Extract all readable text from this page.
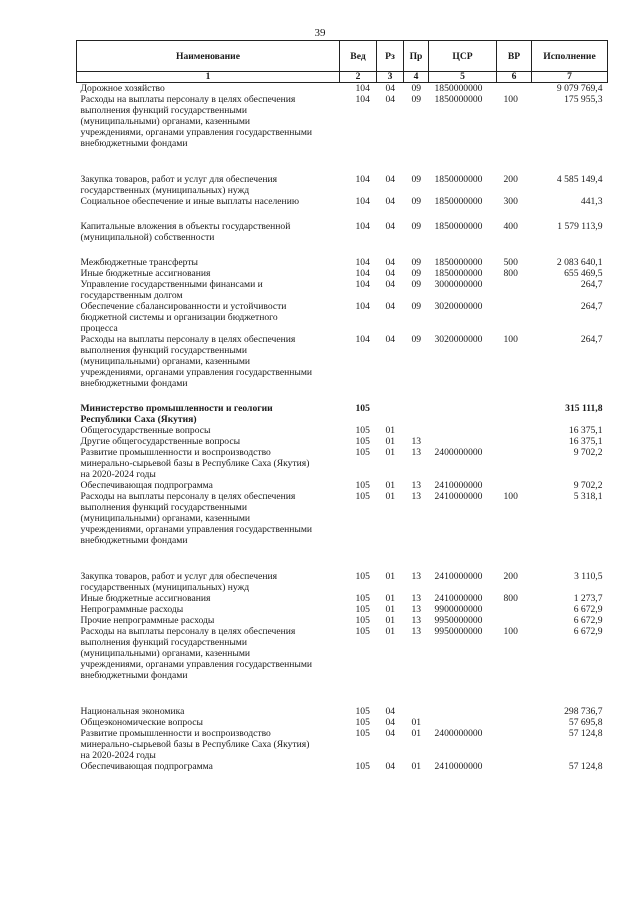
39
Наименование	Вед	Рз	Пр	ЦСР	ВР	Исполнение
1	2	3	4	5	6	7

Дорожное хозяйство	104	04	09	1850000000		9 079 769,4

Расходы на выплаты персоналу в целях обеспечения
выполнения функций государственными
(муниципальными) органами, казенными
учреждениями, органами управления государственными
внебюджетными фондами	104	04	09	1850000000	100	175 955,3

Закупка товаров, работ и услуг для обеспечения
государственных (муниципальных) нужд	104	04	09	1850000000	200	4 585 149,4

Социальное обеспечение и иные выплаты населению	104	04	09	1850000000	300	441,3

Капитальные вложения в объекты государственной
(муниципальной) собственности	104	04	09	1850000000	400	1 579 113,9

Межбюджетные трансферты	104	04	09	1850000000	500	2 083 640,1

Иные бюджетные ассигнования	104	04	09	1850000000	800	655 469,5

Управление государственными финансами и
государственным долгом	104	04	09	3000000000		264,7

Обеспечение сбалансированности и устойчивости
бюджетной системы и организации бюджетного
процесса	104	04	09	3020000000		264,7

Расходы на выплаты персоналу в целях обеспечения
выполнения функций государственными
(муниципальными) органами, казенными
учреждениями, органами управления государственными
внебюджетными фондами	104	04	09	3020000000	100	264,7

Министерство промышленности и геологии
Республики Саха (Якутия)	105					315 111,8

Общегосударственные вопросы	105	01				16 375,1

Другие общегосударственные вопросы	105	01	13			16 375,1

Развитие промышленности и воспроизводство
минерально-сырьевой базы в Республике Саха (Якутия)
на 2020-2024 годы	105	01	13	2400000000		9 702,2

Обеспечивающая подпрограмма	105	01	13	2410000000		9 702,2

Расходы на выплаты персоналу в целях обеспечения
выполнения функций государственными
(муниципальными) органами, казенными
учреждениями, органами управления государственными
внебюджетными фондами	105	01	13	2410000000	100	5 318,1

Закупка товаров, работ и услуг для обеспечения
государственных (муниципальных) нужд	105	01	13	2410000000	200	3 110,5

Иные бюджетные ассигнования	105	01	13	2410000000	800	1 273,7

Непрограммные расходы	105	01	13	9900000000		6 672,9

Прочие непрограммные расходы	105	01	13	9950000000		6 672,9

Расходы на выплаты персоналу в целях обеспечения
выполнения функций государственными
(муниципальными) органами, казенными
учреждениями, органами управления государственными
внебюджетными фондами	105	01	13	9950000000	100	6 672,9

Национальная экономика	105	04				298 736,7

Общеэкономические вопросы	105	04	01			57 695,8

Развитие промышленности и воспроизводство
минерально-сырьевой базы в Республике Саха (Якутия)
на 2020-2024 годы	105	04	01	2400000000		57 124,8

Обеспечивающая подпрограмма	105	04	01	2410000000		57 124,8
